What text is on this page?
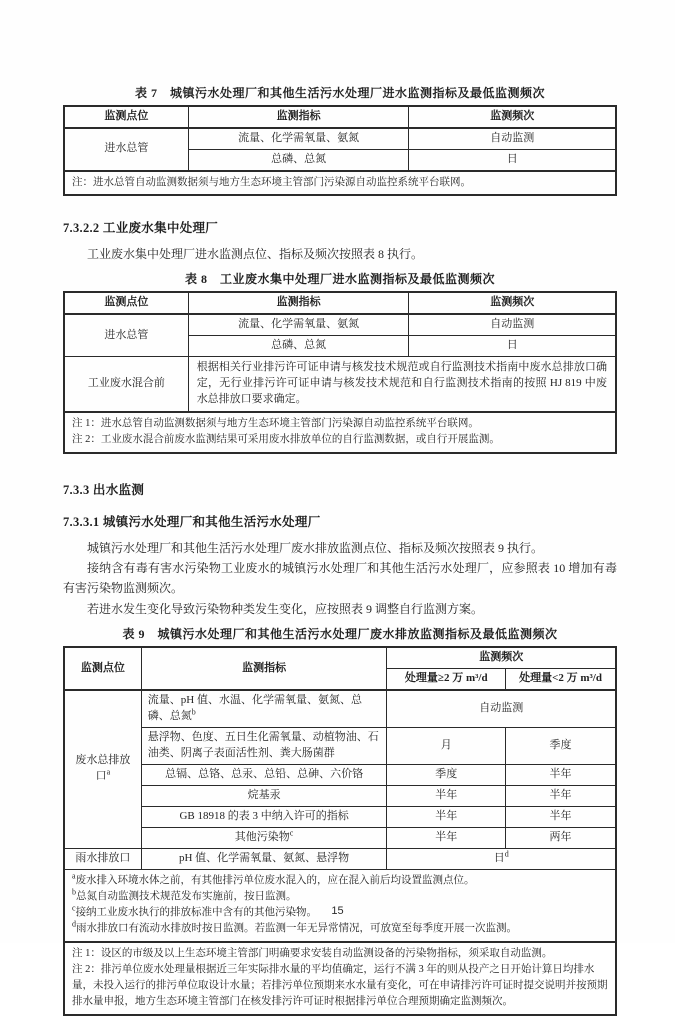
表 7　城镇污水处理厂和其他生活污水处理厂进水监测指标及最低监测频次
监测点位	监测指标	监测频次
进水总管	流量、化学需氧量、氨氮	自动监测
	总磷、总氮	日
注：进水总管自动监测数据须与地方生态环境主管部门污染源自动监控系统平台联网。		
7.3.2.2 工业废水集中处理厂

工业废水集中处理厂进水监测点位、指标及频次按照表 8 执行。

表 8　工业废水集中处理厂进水监测指标及最低监测频次
监测点位	监测指标	监测频次
进水总管	流量、化学需氧量、氨氮	自动监测
	总磷、总氮	日
工业废水混合前	根据相关行业排污许可证申请与核发技术规范或自行监测技术指南中废水总排放口确定，无行业排污许可证申请与核发技术规范和自行监测技术指南的按照 HJ 819 中废水总排放口要求确定。	

注 1：进水总管自动监测数据须与地方生态环境主管部门污染源自动监控系统平台联网。
注 2：工业废水混合前废水监测结果可采用废水排放单位的自行监测数据，或自行开展监测。		
7.3.3 出水监测
7.3.3.1 城镇污水处理厂和其他生活污水处理厂

城镇污水处理厂和其他生活污水处理厂废水排放监测点位、指标及频次按照表 9 执行。

接纳含有毒有害水污染物工业废水的城镇污水处理厂和其他生活污水处理厂，应参照表 10 增加有毒有害污染物监测频次。

若进水发生变化导致污染物种类发生变化，应按照表 9 调整自行监测方案。

表 9　城镇污水处理厂和其他生活污水处理厂废水排放监测指标及最低监测频次
监测点位	监测指标	监测频次	
		处理量≥2 万 m³/d	处理量<2 万 m³/d
废水总排放口$^a$	流量、pH 值、水温、化学需氧量、氨氮、总磷、总氮$^b$	自动监测	
	悬浮物、色度、五日生化需氧量、动植物油、石油类、阴离子表面活性剂、粪大肠菌群	月	季度
	总镉、总铬、总汞、总铅、总砷、六价铬	季度	半年
	烷基汞	半年	半年
	GB 18918 的表 3 中纳入许可的指标	半年	半年
	其他污染物$^c$	半年	两年
雨水排放口	pH 值、化学需氧量、氨氮、悬浮物	日$^d$

$^a$废水排入环境水体之前，有其他排污单位废水混入的，应在混入前后均设置监测点位。
$^b$总氮自动监测技术规范发布实施前，按日监测。
$^c$接纳工业废水执行的排放标准中含有的其他污染物。
$^d$雨水排放口有流动水排放时按日监测。若监测一年无异常情况，可放宽至每季度开展一次监测。			

注 1：设区的市级及以上生态环境主管部门明确要求安装自动监测设备的污染物指标，须采取自动监测。
注 2：排污单位废水处理量根据近三年实际排水量的平均值确定，运行不满 3 年的则从投产之日开始计算日均排水量，未投入运行的排污单位取设计水量；若排污单位预期来水水量有变化，可在申请排污许可证时提交说明并按预期排水量申报，地方生态环境主管部门在核发排污许可证时根据排污单位合理预期确定监测频次。			
15
